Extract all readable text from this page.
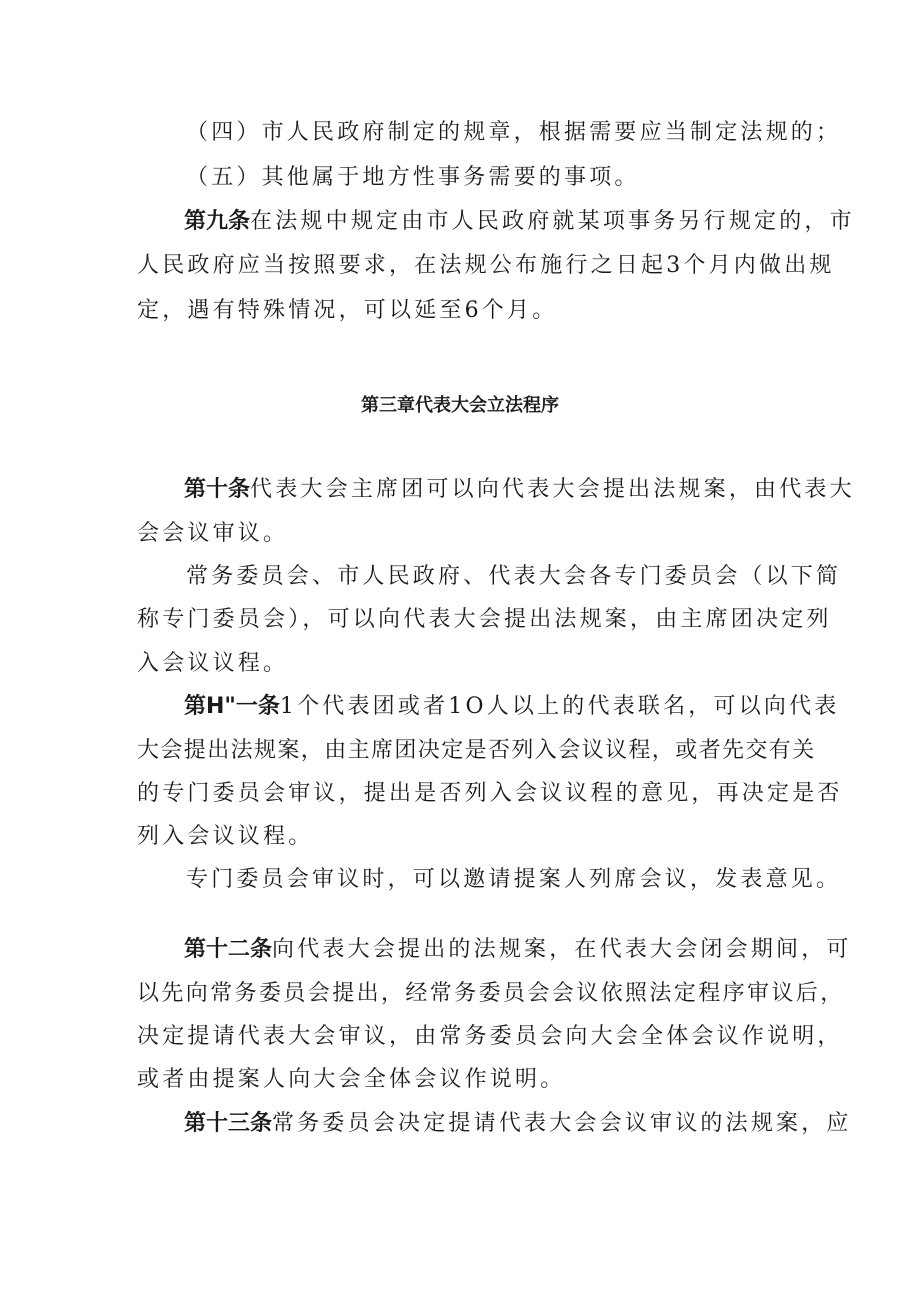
（四）市人民政府制定的规章，根据需要应当制定法规的；
（五）其他属于地方性事务需要的事项。
第九条在法规中规定由市人民政府就某项事务另行规定的，市
人民政府应当按照要求，在法规公布施行之日起3个月内做出规
定，遇有特殊情况，可以延至6个月。
第三章代表大会立法程序
第十条代表大会主席团可以向代表大会提出法规案，由代表大
会会议审议。
常务委员会、市人民政府、代表大会各专门委员会（以下简
称专门委员会），可以向代表大会提出法规案，由主席团决定列
入会议议程。
第H"一条1个代表团或者1O人以上的代表联名，可以向代表
大会提出法规案，由主席团决定是否列入会议议程，或者先交有关
的专门委员会审议，提出是否列入会议议程的意见，再决定是否
列入会议议程。
专门委员会审议时，可以邀请提案人列席会议，发表意见。
第十二条向代表大会提出的法规案，在代表大会闭会期间，可
以先向常务委员会提出，经常务委员会会议依照法定程序审议后，
决定提请代表大会审议，由常务委员会向大会全体会议作说明，
或者由提案人向大会全体会议作说明。
第十三条常务委员会决定提请代表大会会议审议的法规案，应
